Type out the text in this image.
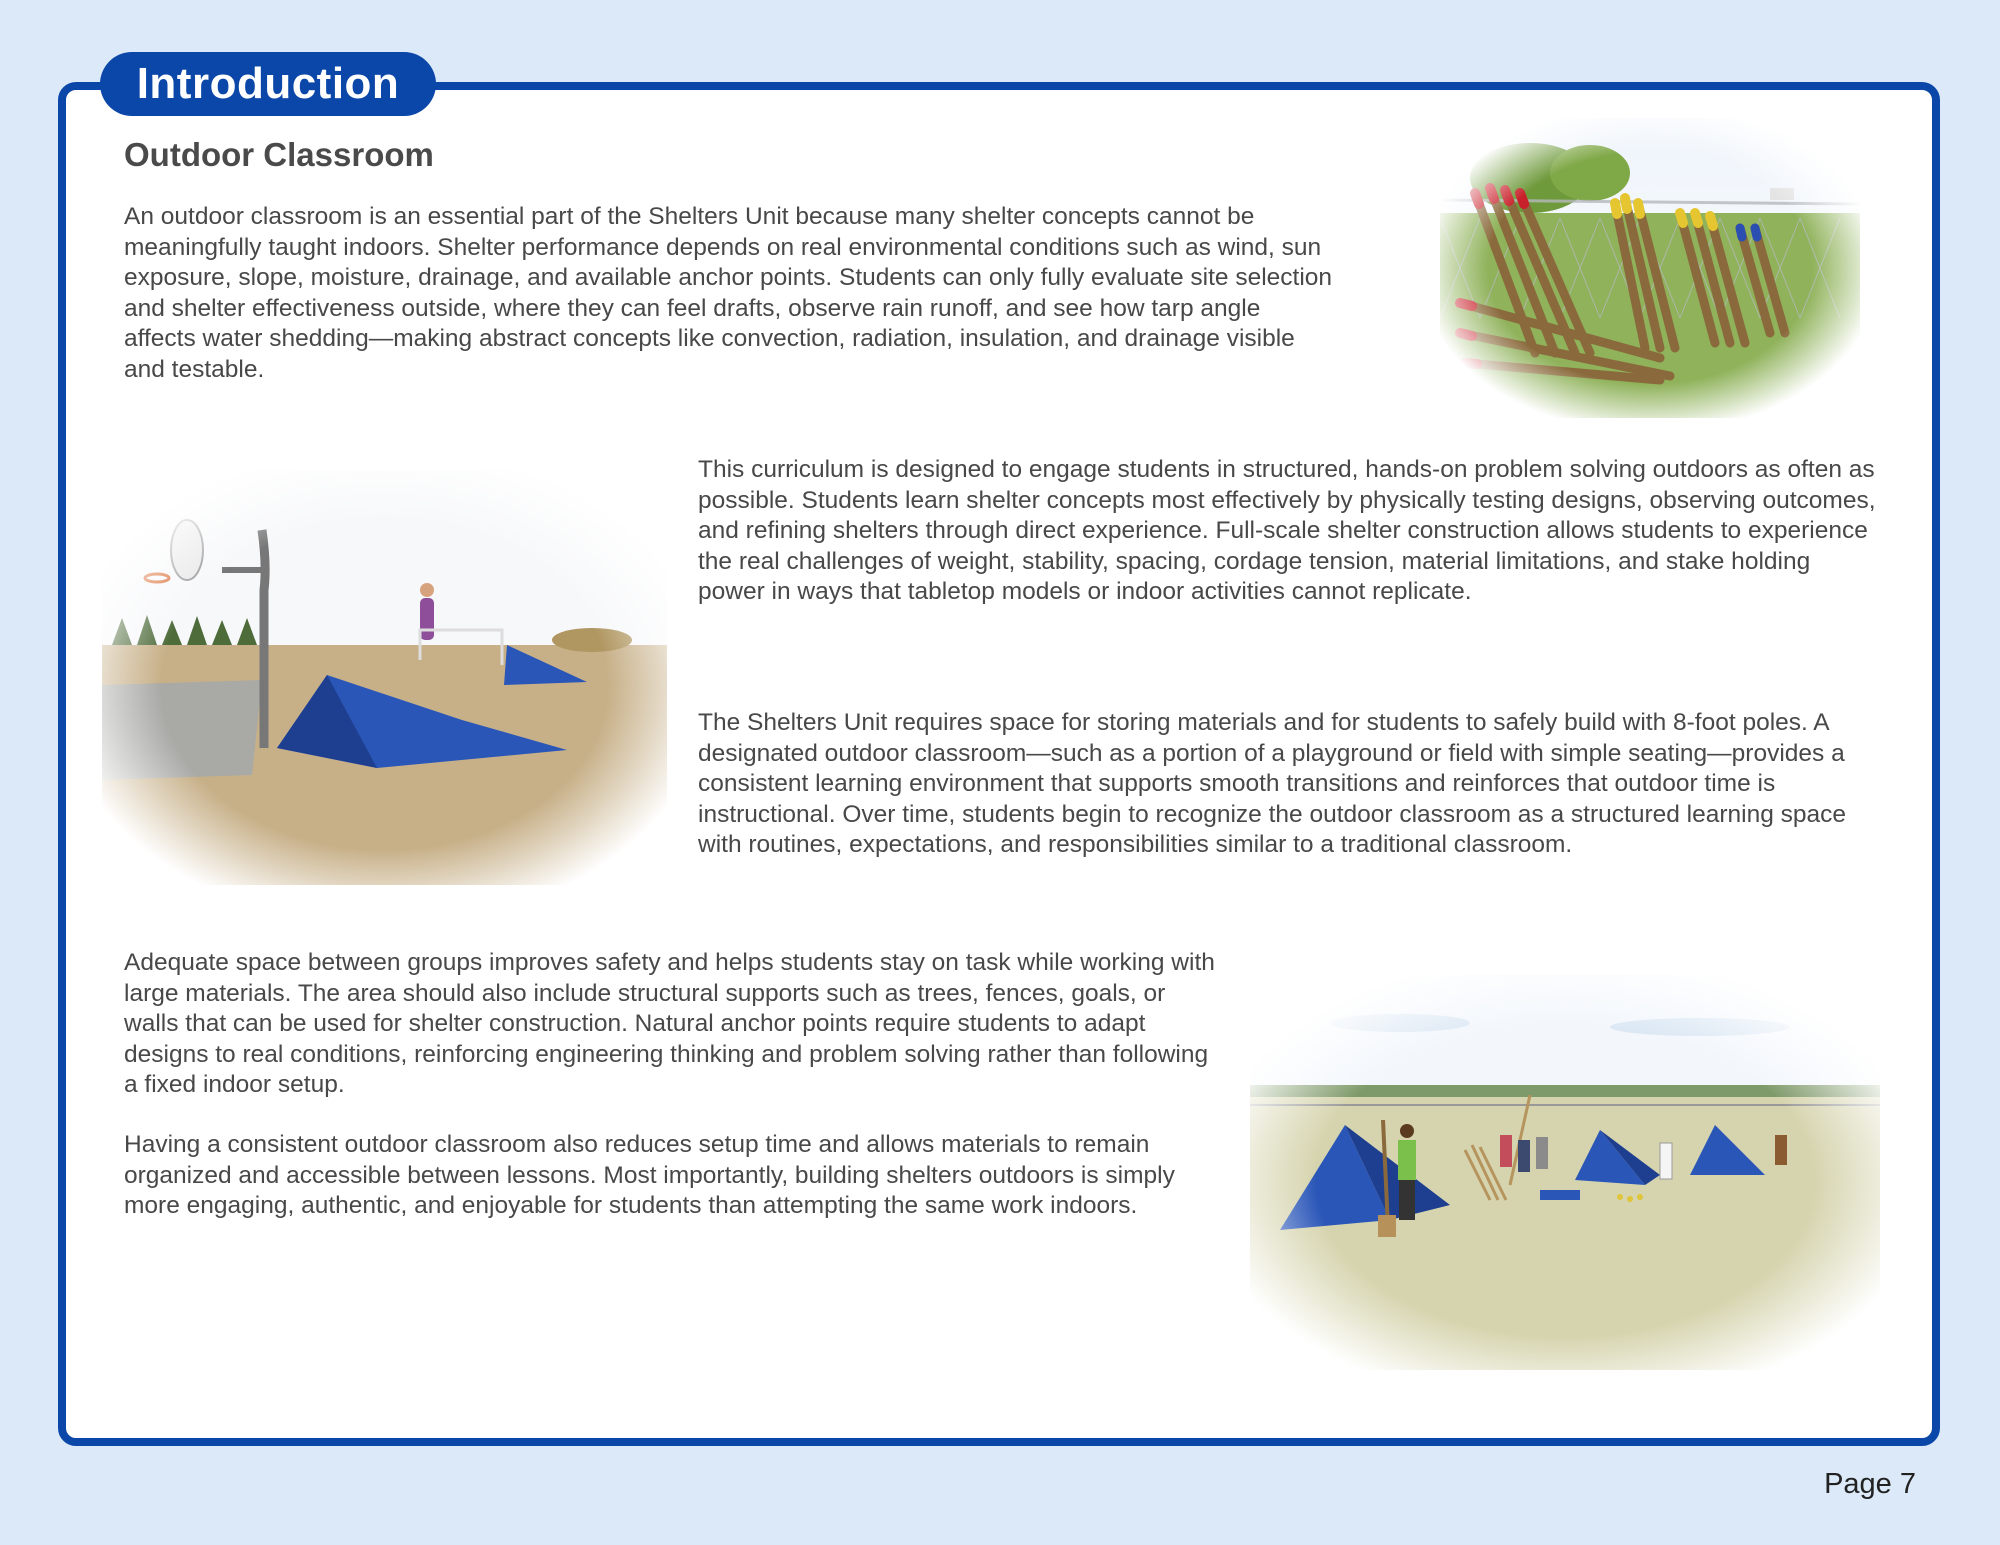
Introduction
Outdoor Classroom

An outdoor classroom is an essential part of the Shelters Unit because many shelter concepts cannot be meaningfully taught indoors. Shelter performance depends on real environmental conditions such as wind, sun exposure, slope, moisture, drainage, and available anchor points. Students can only fully evaluate site selection and shelter effectiveness outside, where they can feel drafts, observe rain runoff, and see how tarp angle affects water shedding—making abstract concepts like convection, radiation, insulation, and drainage visible and testable.

This curriculum is designed to engage students in structured, hands-on problem solving outdoors as often as possible. Students learn shelter concepts most effectively by physically testing designs, observing outcomes, and refining shelters through direct experience. Full-scale shelter construction allows students to experience the real challenges of weight, stability, spacing, cordage tension, material limitations, and stake holding power in ways that tabletop models or indoor activities cannot replicate.

The Shelters Unit requires space for storing materials and for students to safely build with 8-foot poles. A designated outdoor classroom—such as a portion of a playground or field with simple seating—provides a consistent learning environment that supports smooth transitions and reinforces that outdoor time is instructional. Over time, students begin to recognize the outdoor classroom as a structured learning space with routines, expectations, and responsibilities similar to a traditional classroom.

Adequate space between groups improves safety and helps students stay on task while working with large materials. The area should also include structural supports such as trees, fences, goals, or walls that can be used for shelter construction. Natural anchor points require students to adapt designs to real conditions, reinforcing engineering thinking and problem solving rather than following a fixed indoor setup.

Having a consistent outdoor classroom also reduces setup time and allows materials to remain organized and accessible between lessons. Most importantly, building shelters outdoors is simply more engaging, authentic, and enjoyable for students than attempting the same work indoors.

Page 7
